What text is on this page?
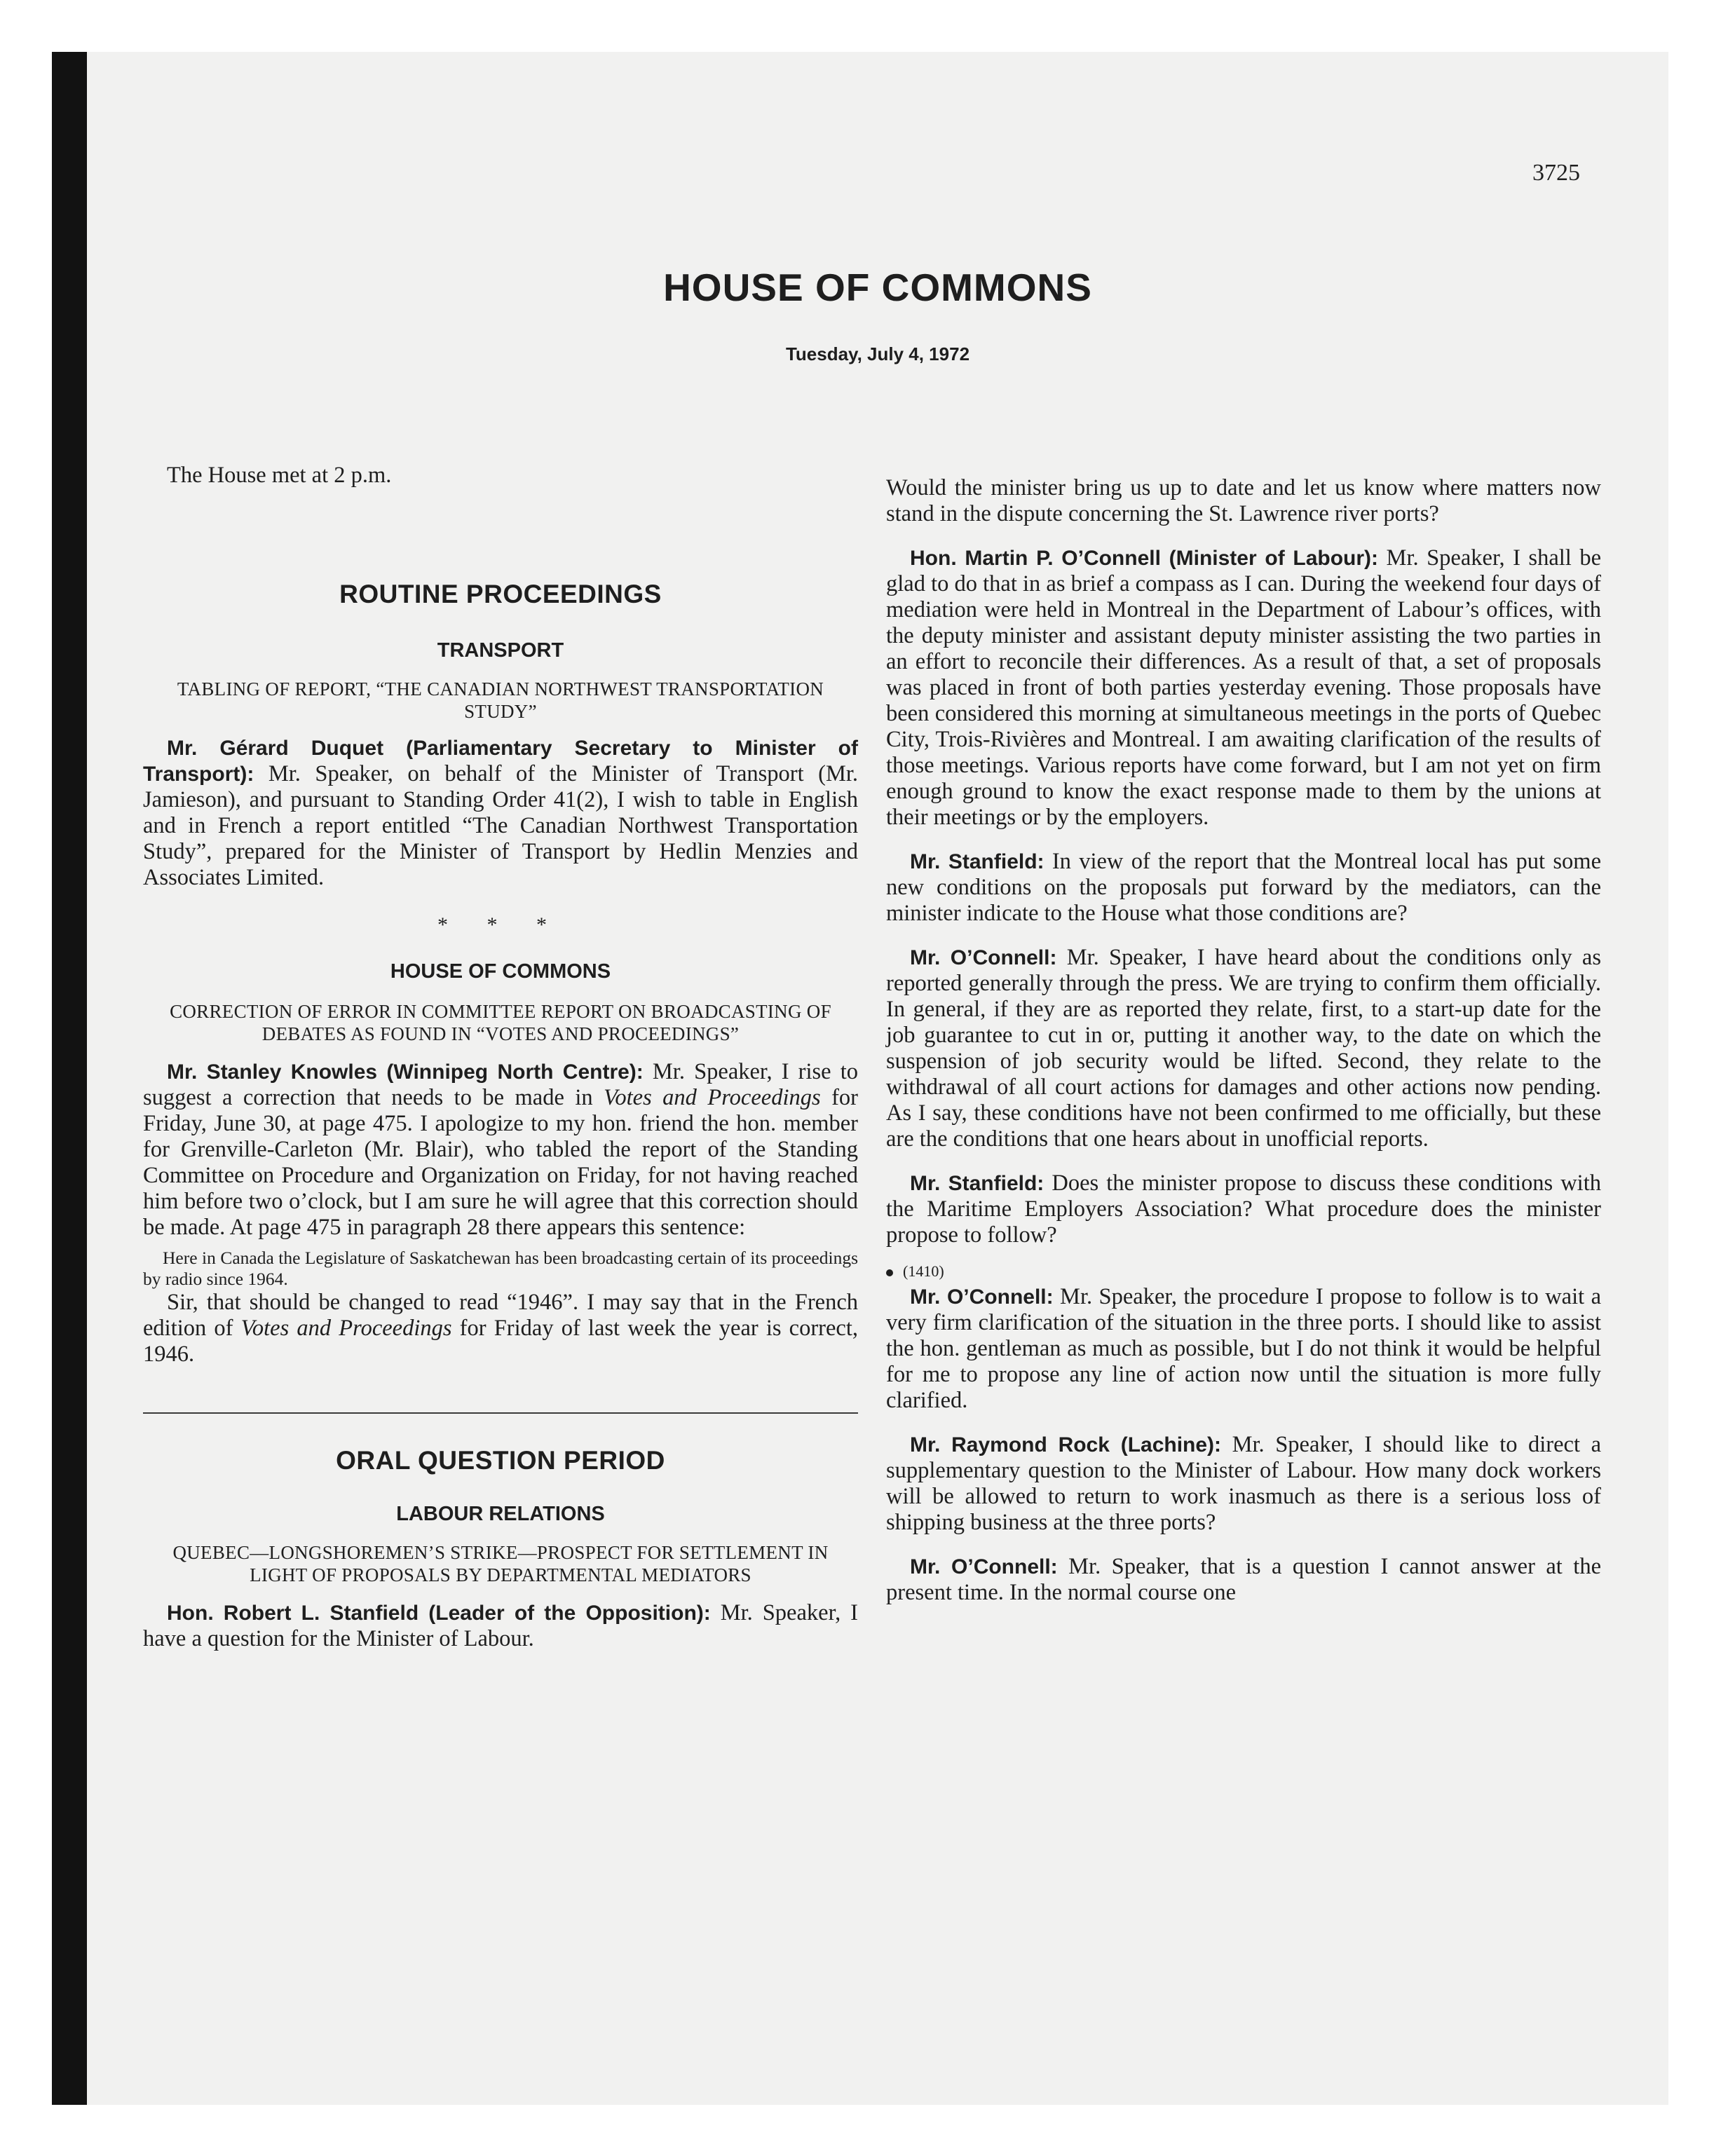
3725
HOUSE OF COMMONS
Tuesday, July 4, 1972

The House met at 2 p.m.

ROUTINE PROCEEDINGS

TRANSPORT

TABLING OF REPORT, “THE CANADIAN NORTHWEST TRANSPORTATION STUDY”

Mr. Gérard Duquet (Parliamentary Secretary to Minister of Transport): Mr. Speaker, on behalf of the Minister of Transport (Mr. Jamieson), and pursuant to Standing Order 41(2), I wish to table in English and in French a report entitled “The Canadian Northwest Transportation Study”, prepared for the Minister of Transport by Hedlin Menzies and Associates Limited.

* * *

HOUSE OF COMMONS

CORRECTION OF ERROR IN COMMITTEE REPORT ON BROADCASTING OF DEBATES AS FOUND IN “VOTES AND PROCEEDINGS”

Mr. Stanley Knowles (Winnipeg North Centre): Mr. Speaker, I rise to suggest a correction that needs to be made in Votes and Proceedings for Friday, June 30, at page 475. I apologize to my hon. friend the hon. member for Grenville-Carleton (Mr. Blair), who tabled the report of the Standing Committee on Procedure and Organization on Friday, for not having reached him before two o’clock, but I am sure he will agree that this correction should be made. At page 475 in paragraph 28 there appears this sentence:

Here in Canada the Legislature of Saskatchewan has been broadcasting certain of its proceedings by radio since 1964.

Sir, that should be changed to read “1946”. I may say that in the French edition of Votes and Proceedings for Friday of last week the year is correct, 1946.

ORAL QUESTION PERIOD

LABOUR RELATIONS

QUEBEC—LONGSHOREMEN’S STRIKE—PROSPECT FOR SETTLEMENT IN LIGHT OF PROPOSALS BY DEPARTMENTAL MEDIATORS

Hon. Robert L. Stanfield (Leader of the Opposition): Mr. Speaker, I have a question for the Minister of Labour.

Would the minister bring us up to date and let us know where matters now stand in the dispute concerning the St. Lawrence river ports?

Hon. Martin P. O’Connell (Minister of Labour): Mr. Speaker, I shall be glad to do that in as brief a compass as I can. During the weekend four days of mediation were held in Montreal in the Department of Labour’s offices, with the deputy minister and assistant deputy minister assisting the two parties in an effort to reconcile their differences. As a result of that, a set of proposals was placed in front of both parties yesterday evening. Those proposals have been considered this morning at simultaneous meetings in the ports of Quebec City, Trois-Rivières and Montreal. I am awaiting clarification of the results of those meetings. Various reports have come forward, but I am not yet on firm enough ground to know the exact response made to them by the unions at their meetings or by the employers.

Mr. Stanfield: In view of the report that the Montreal local has put some new conditions on the proposals put forward by the mediators, can the minister indicate to the House what those conditions are?

Mr. O’Connell: Mr. Speaker, I have heard about the conditions only as reported generally through the press. We are trying to confirm them officially. In general, if they are as reported they relate, first, to a start-up date for the job guarantee to cut in or, putting it another way, to the date on which the suspension of job security would be lifted. Second, they relate to the withdrawal of all court actions for damages and other actions now pending. As I say, these conditions have not been confirmed to me officially, but these are the conditions that one hears about in unofficial reports.

Mr. Stanfield: Does the minister propose to discuss these conditions with the Maritime Employers Association? What procedure does the minister propose to follow?

(1410)

Mr. O’Connell: Mr. Speaker, the procedure I propose to follow is to wait a very firm clarification of the situation in the three ports. I should like to assist the hon. gentleman as much as possible, but I do not think it would be helpful for me to propose any line of action now until the situation is more fully clarified.

Mr. Raymond Rock (Lachine): Mr. Speaker, I should like to direct a supplementary question to the Minister of Labour. How many dock workers will be allowed to return to work inasmuch as there is a serious loss of shipping business at the three ports?

Mr. O’Connell: Mr. Speaker, that is a question I cannot answer at the present time. In the normal course one
